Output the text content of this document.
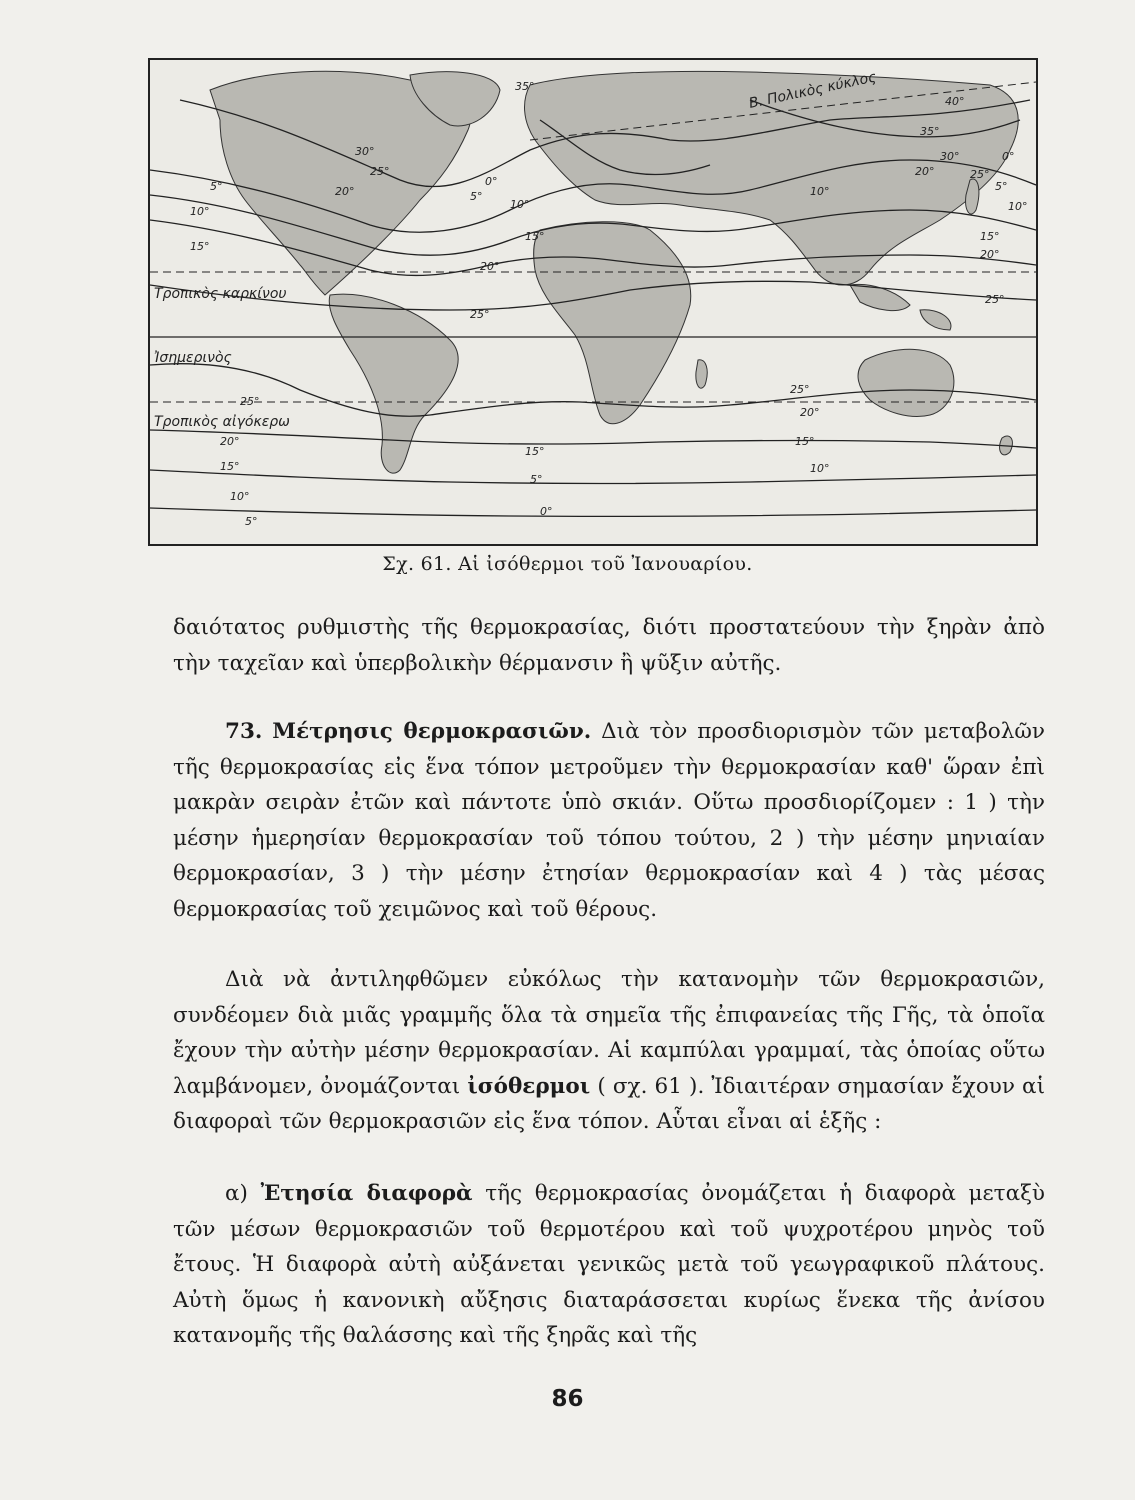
Β. Πολικὸς κύκλος
Τροπικὸς καρκίνου
Ἰσημερινὸς
Τροπικὸς αἰγόκερω
40°
35°
35°
30°	30°
25°	25°
20°
20°
5°
10°
10°
0°
0°
5°
5°
10°	10°
15°
15°	15°
20°
20°
25°
25°
25°
25°
20°
20°
15°
15°
15°
10°
10°
5°
5°
0°
Σχ. 61. Αἱ ἰσόθερμοι τοῦ Ἰανουαρίου.

δαιότατος ρυθμιστὴς τῆς θερμοκρασίας, διότι προστατεύουν τὴν ξηρὰν ἀπὸ τὴν ταχεῖαν καὶ ὑπερβολικὴν θέρμανσιν ἢ ψῦξιν αὐτῆς.

73. Μέτρησις θερμοκρασιῶν. Διὰ τὸν προσδιορισμὸν τῶν μεταβολῶν τῆς θερμοκρασίας εἰς ἕνα τόπον μετροῦμεν τὴν θερμοκρασίαν καθ' ὥραν ἐπὶ μακρὰν σειρὰν ἐτῶν καὶ πάντοτε ὑπὸ σκιάν. Οὕτω προσδιορίζομεν : 1 ) τὴν μέσην ἡμερησίαν θερμοκρασίαν τοῦ τόπου τούτου, 2 ) τὴν μέσην μηνιαίαν θερμοκρασίαν, 3 ) τὴν μέσην ἐτησίαν θερμοκρασίαν καὶ 4 ) τὰς μέσας θερμοκρασίας τοῦ χειμῶνος καὶ τοῦ θέρους.

Διὰ νὰ ἀντιληφθῶμεν εὐκόλως τὴν κατανομὴν τῶν θερμοκρασιῶν, συνδέομεν διὰ μιᾶς γραμμῆς ὅλα τὰ σημεῖα τῆς ἐπιφανείας τῆς Γῆς, τὰ ὁποῖα ἔχουν τὴν αὐτὴν μέσην θερμοκρασίαν. Αἱ καμπύλαι γραμμαί, τὰς ὁποίας οὕτω λαμβάνομεν, ὀνομάζονται ἰσόθερμοι ( σχ. 61 ). Ἰδιαιτέραν σημασίαν ἔχουν αἱ διαφοραὶ τῶν θερμοκρασιῶν εἰς ἕνα τόπον. Αὗται εἶναι αἱ ἑξῆς :

α) Ἐτησία διαφορὰ τῆς θερμοκρασίας ὀνομάζεται ἡ διαφορὰ μεταξὺ τῶν μέσων θερμοκρασιῶν τοῦ θερμοτέρου καὶ τοῦ ψυχροτέρου μηνὸς τοῦ ἔτους. Ἡ διαφορὰ αὐτὴ αὐξάνεται γενικῶς μετὰ τοῦ γεωγραφικοῦ πλάτους. Αὐτὴ ὅμως ἡ κανονικὴ αὔξησις διαταράσσεται κυρίως ἕνεκα τῆς ἀνίσου κατανομῆς τῆς θαλάσσης καὶ τῆς ξηρᾶς καὶ τῆς

86
